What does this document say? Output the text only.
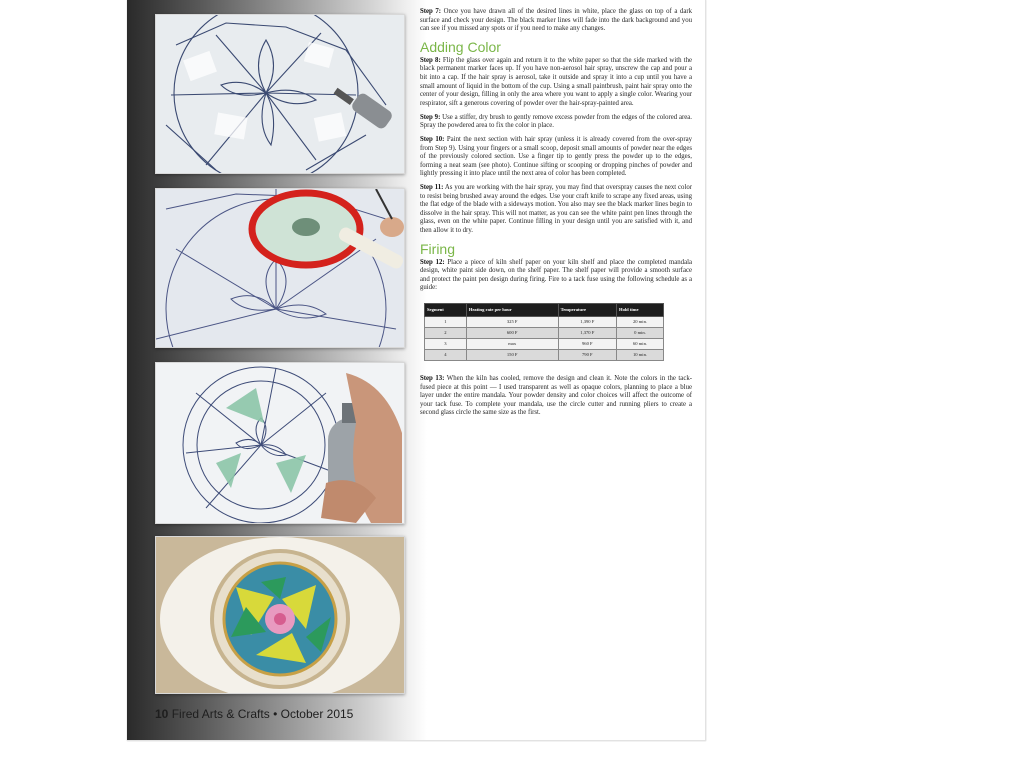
Step 7: Once you have drawn all of the desired lines in white, place the glass on top of a dark surface and check your design. The black marker lines will fade into the dark background and you can see if you missed any spots or if you need to make any changes.

Adding Color

Step 8: Flip the glass over again and return it to the white paper so that the side marked with the black permanent marker faces up. If you have non-aerosol hair spray, unscrew the cap and pour a bit into a cap. If the hair spray is aerosol, take it outside and spray it into a cup until you have a small amount of liquid in the bottom of the cup. Using a small paintbrush, paint hair spray onto the center of your design, filling in only the area where you want to apply a single color. Wearing your respirator, sift a generous covering of powder over the hair-spray-painted area.

Step 9: Use a stiffer, dry brush to gently remove excess powder from the edges of the colored area. Spray the powdered area to fix the color in place.

Step 10: Paint the next section with hair spray (unless it is already covered from the over-spray from Step 9). Using your fingers or a small scoop, deposit small amounts of powder near the edges of the previously colored section. Use a finger tip to gently press the powder up to the edges, forming a neat seam (see photo). Continue sifting or scooping or dropping pinches of powder and lightly pressing it into place until the next area of color has been completed.

Step 11: As you are working with the hair spray, you may find that overspray causes the next color to resist being brushed away around the edges. Use your craft knife to scrape any fixed areas, using the flat edge of the blade with a sideways motion. You also may see the black marker lines begin to dissolve in the hair spray. This will not matter, as you can see the white paint pen lines through the glass, even on the white paper. Continue filling in your design until you are satisfied with it, and then allow it to dry.

Firing

Step 12: Place a piece of kiln shelf paper on your kiln shelf and place the completed mandala design, white paint side down, on the shelf paper. The shelf paper will provide a smooth surface and protect the paint pen design during firing. Fire to a tack fuse using the following schedule as a guide:

Segment	Heating rate per hour	Temperature	Hold time
1	325 F	1,390 F	20 min.
2	600 F	1,370 F	0 min.
3	max	960 F	60 min.
4	150 F	790 F	10 min.

Step 13: When the kiln has cooled, remove the design and clean it. Note the colors in the tack-fused piece at this point — I used transparent as well as opaque colors, planning to place a blue layer under the entire mandala. Your powder density and color choices will affect the outcome of your tack fuse. To complete your mandala, use the circle cutter and running pliers to create a second glass circle the same size as the first.

10 Fired Arts & Crafts • October 2015
